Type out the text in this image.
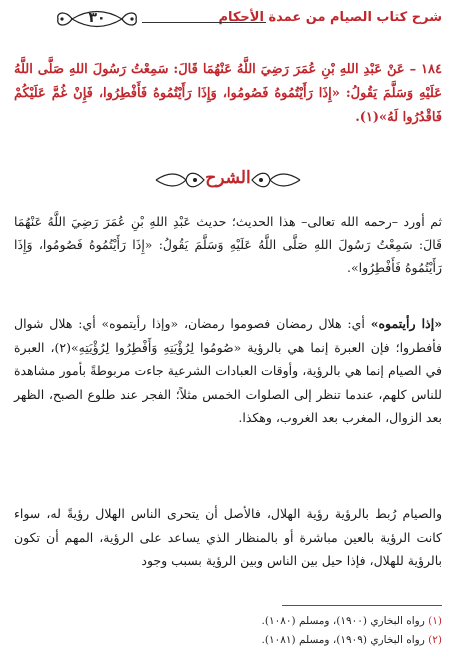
شرح كتاب الصيام من عمدة الأحكام
٣٠

١٨٤ – عَنْ عَبْدِ اللهِ بْنِ عُمَرَ رَضِيَ اللَّهُ عَنْهُمَا قَالَ: سَمِعْتُ رَسُولَ اللهِ صَلَّى اللَّهُ عَلَيْهِ وَسَلَّمَ يَقُولُ: «إِذَا رَأَيْتُمُوهُ فَصُومُوا، وَإِذَا رَأَيْتُمُوهُ فَأَفْطِرُوا، فَإِنْ غُمَّ عَلَيْكُمْ فَاقْدُرُوا لَهُ»(١).

الشرح

ثم أورد –رحمه الله تعالى– هذا الحديث؛ حديث عَبْدِ اللهِ بْنِ عُمَرَ رَضِيَ اللَّهُ عَنْهُمَا قَالَ: سَمِعْتُ رَسُولَ اللهِ صَلَّى اللَّهُ عَلَيْهِ وَسَلَّمَ يَقُولُ: «إِذَا رَأَيْتُمُوهُ فَصُومُوا، وَإِذَا رَأَيْتُمُوهُ فَأَفْطِرُوا».

«إذا رأيتموه» أي: هلال رمضان فصوموا رمضان، «وإذا رأيتموه» أي: هلال شوال فأفطروا؛ فإن العبرة إنما هي بالرؤية «صُومُوا لِرُؤْيَتِهِ وَأَفْطِرُوا لِرُؤْيَتِهِ»(٢)، العبرة في الصيام إنما هي بالرؤية، وأوقات العبادات الشرعية جاءت مربوطةً بأمور مشاهدة للناس كلهم، عندما تنظر إلى الصلوات الخمس مثلاً؛ الفجر عند طلوع الصبح، الظهر بعد الزوال، المغرب بعد الغروب، وهكذا.

والصيام رُبط بالرؤية رؤية الهلال، فالأصل أن يتحرى الناس الهلال رؤيةً له، سواء كانت الرؤية بالعين مباشرة أو بالمنظار الذي يساعد على الرؤية، المهم أن تكون بالرؤية للهلال، فإذا حيل بين الناس وبين الرؤية بسبب وجود

(١) رواه البخاري (١٩٠٠)، ومسلم (١٠٨٠).
(٢) رواه البخاري (١٩٠٩)، ومسلم (١٠٨١).
